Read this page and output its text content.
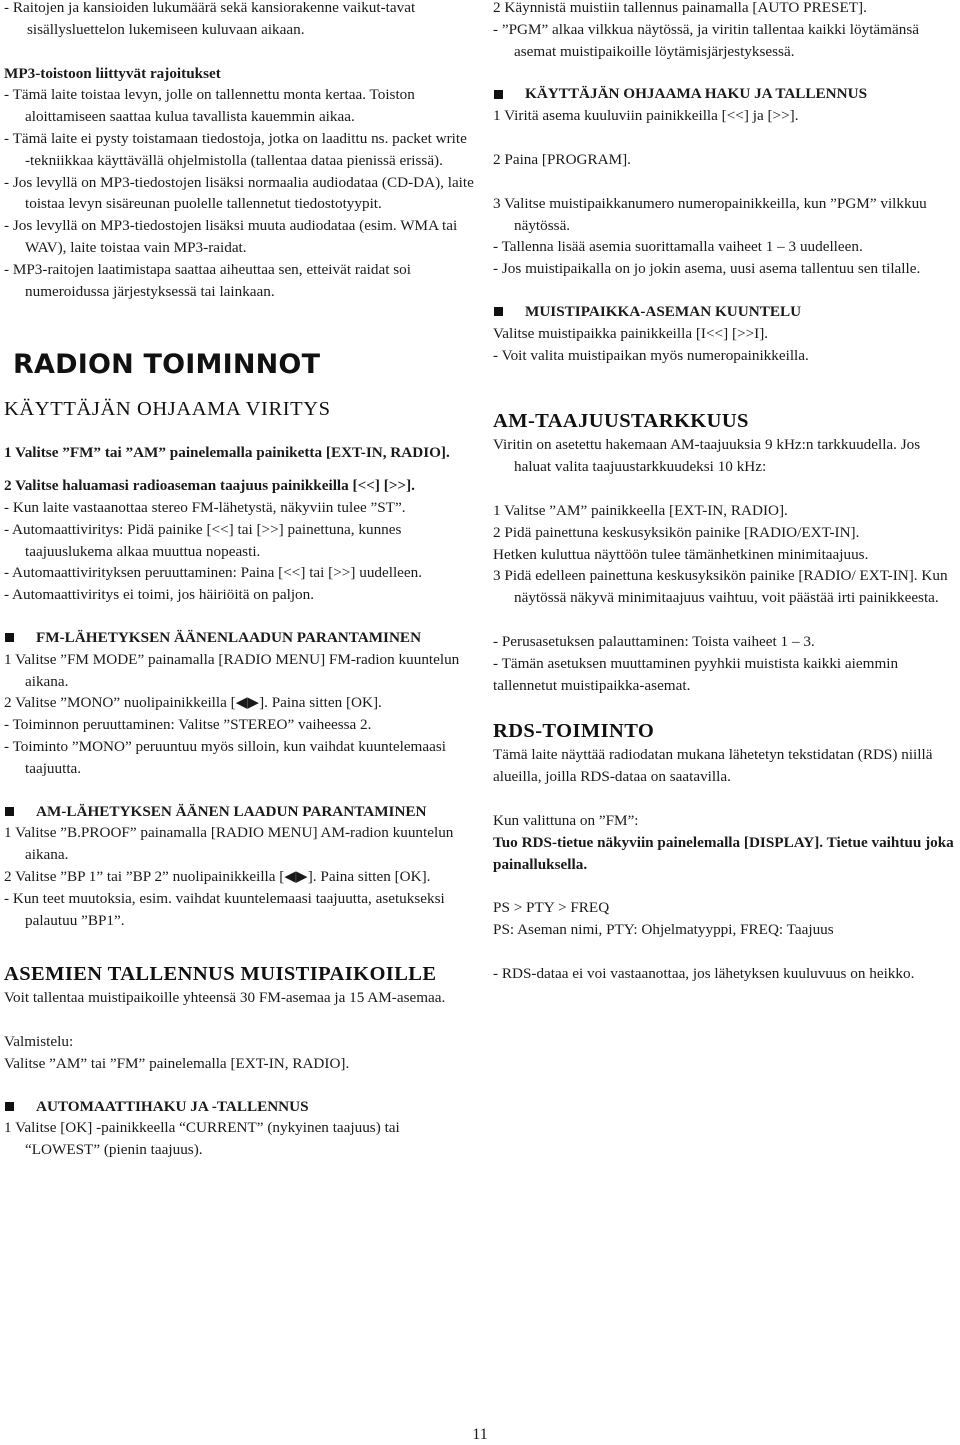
- Raitojen ja kansioiden lukumäärä sekä kansiorakenne vaikut-tavat sisällysluettelon lukemiseen kuluvaan aikaan.

MP3-toistoon liittyvät rajoitukset

- Tämä laite toistaa levyn, jolle on tallennettu monta kertaa. Toiston aloittamiseen saattaa kulua tavallista kauemmin aikaa.

- Tämä laite ei pysty toistamaan tiedostoja, jotka on laadittu ns. packet write -tekniikkaa käyttävällä ohjelmistolla (tallentaa dataa pienissä erissä).

- Jos levyllä on MP3-tiedostojen lisäksi normaalia audiodataa (CD-DA), laite toistaa levyn sisäreunan puolelle tallennetut tiedostotyypit.

- Jos levyllä on MP3-tiedostojen lisäksi muuta audiodataa (esim. WMA tai WAV), laite toistaa vain MP3-raidat.

- MP3-raitojen laatimistapa saattaa aiheuttaa sen, etteivät raidat soi numeroidussa järjestyksessä tai lainkaan.

RADION TOIMINNOT
KÄYTTÄJÄN OHJAAMA VIRITYS

1 Valitse ”FM” tai ”AM” painelemalla painiketta [EXT-IN, RADIO].

2 Valitse haluamasi radioaseman taajuus painikkeilla [<<] [>>].

- Kun laite vastaanottaa stereo FM-lähetystä, näkyviin tulee ”ST”.

- Automaattiviritys: Pidä painike [<<] tai [>>] painettuna, kunnes taajuuslukema alkaa muuttua nopeasti.

- Automaattivirityksen peruuttaminen: Paina [<<] tai [>>] uudelleen.

- Automaattiviritys ei toimi, jos häiriöitä on paljon.

FM-LÄHETYKSEN ÄÄNENLAADUN PARANTAMINEN

1 Valitse ”FM MODE” painamalla [RADIO MENU] FM-radion kuuntelun aikana.

2 Valitse ”MONO” nuolipainikkeilla [◀▶]. Paina sitten [OK].

- Toiminnon peruuttaminen: Valitse ”STEREO” vaiheessa 2.

- Toiminto ”MONO” peruuntuu myös silloin, kun vaihdat kuuntelemaasi taajuutta.

AM-LÄHETYKSEN ÄÄNEN LAADUN PARANTAMINEN

1 Valitse ”B.PROOF” painamalla [RADIO MENU] AM-radion kuuntelun aikana.

2 Valitse ”BP 1” tai ”BP 2” nuolipainikkeilla [◀▶]. Paina sitten [OK].

- Kun teet muutoksia, esim. vaihdat kuuntelemaasi taajuutta, asetukseksi palautuu ”BP1”.

ASEMIEN TALLENNUS MUISTIPAIKOILLE

Voit tallentaa muistipaikoille yhteensä 30 FM-asemaa ja 15 AM-asemaa.

Valmistelu:

Valitse ”AM” tai ”FM” painelemalla [EXT-IN, RADIO].

AUTOMAATTIHAKU JA -TALLENNUS

1 Valitse [OK] -painikkeella “CURRENT” (nykyinen taajuus) tai “LOWEST” (pienin taajuus).

2 Käynnistä muistiin tallennus painamalla [AUTO PRESET].

- ”PGM” alkaa vilkkua näytössä, ja viritin tallentaa kaikki löytämänsä asemat muistipaikoille löytämisjärjestyksessä.

KÄYTTÄJÄN OHJAAMA HAKU JA TALLENNUS

1 Viritä asema kuuluviin painikkeilla [<<] ja [>>].

2 Paina [PROGRAM].

3 Valitse muistipaikkanumero numeropainikkeilla, kun ”PGM” vilkkuu näytössä.

- Tallenna lisää asemia suorittamalla vaiheet 1 – 3 uudelleen.

- Jos muistipaikalla on jo jokin asema, uusi asema tallentuu sen tilalle.

MUISTIPAIKKA-ASEMAN KUUNTELU

Valitse muistipaikka painikkeilla [I<<] [>>I].

- Voit valita muistipaikan myös numeropainikkeilla.

AM-TAAJUUSTARKKUUS

Viritin on asetettu hakemaan AM-taajuuksia 9 kHz:n tarkkuudella. Jos haluat valita taajuustarkkuudeksi 10 kHz:

1 Valitse ”AM” painikkeella [EXT-IN, RADIO].

2 Pidä painettuna keskusyksikön painike [RADIO/EXT-IN].

Hetken kuluttua näyttöön tulee tämänhetkinen minimitaajuus.

3 Pidä edelleen painettuna keskusyksikön painike [RADIO/ EXT-IN]. Kun näytössä näkyvä minimitaajuus vaihtuu, voit päästää irti painikkeesta.

- Perusasetuksen palauttaminen: Toista vaiheet 1 – 3.

- Tämän asetuksen muuttaminen pyyhkii muistista kaikki aiemmin tallennetut muistipaikka-asemat.

RDS-TOIMINTO

Tämä laite näyttää radiodatan mukana lähetetyn tekstidatan (RDS) niillä alueilla, joilla RDS-dataa on saatavilla.

Kun valittuna on ”FM”:

Tuo RDS-tietue näkyviin painelemalla [DISPLAY]. Tietue vaihtuu joka painalluksella.

PS > PTY > FREQ

PS: Aseman nimi, PTY: Ohjelmatyyppi, FREQ: Taajuus

- RDS-dataa ei voi vastaanottaa, jos lähetyksen kuuluvuus on heikko.

11
